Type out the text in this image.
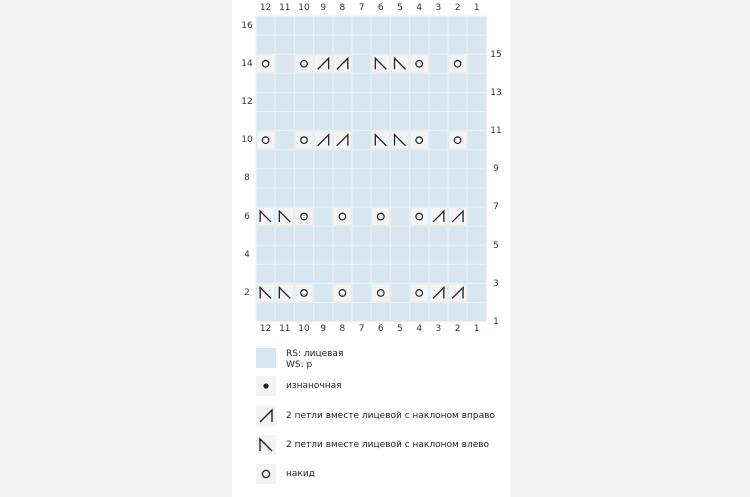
12
12
11
11
10
10
9
9
8
8
7
7
6
6
5
5
4
4
3
3
2
2
1
1
16
14
12
10
8
6
4
2
15
13
11
9
7
5
3
1
RS: лицевая
WS: p
изнаночная
2 петли вместе лицевой с наклоном вправо
2 петли вместе лицевой с наклоном влево
накид
